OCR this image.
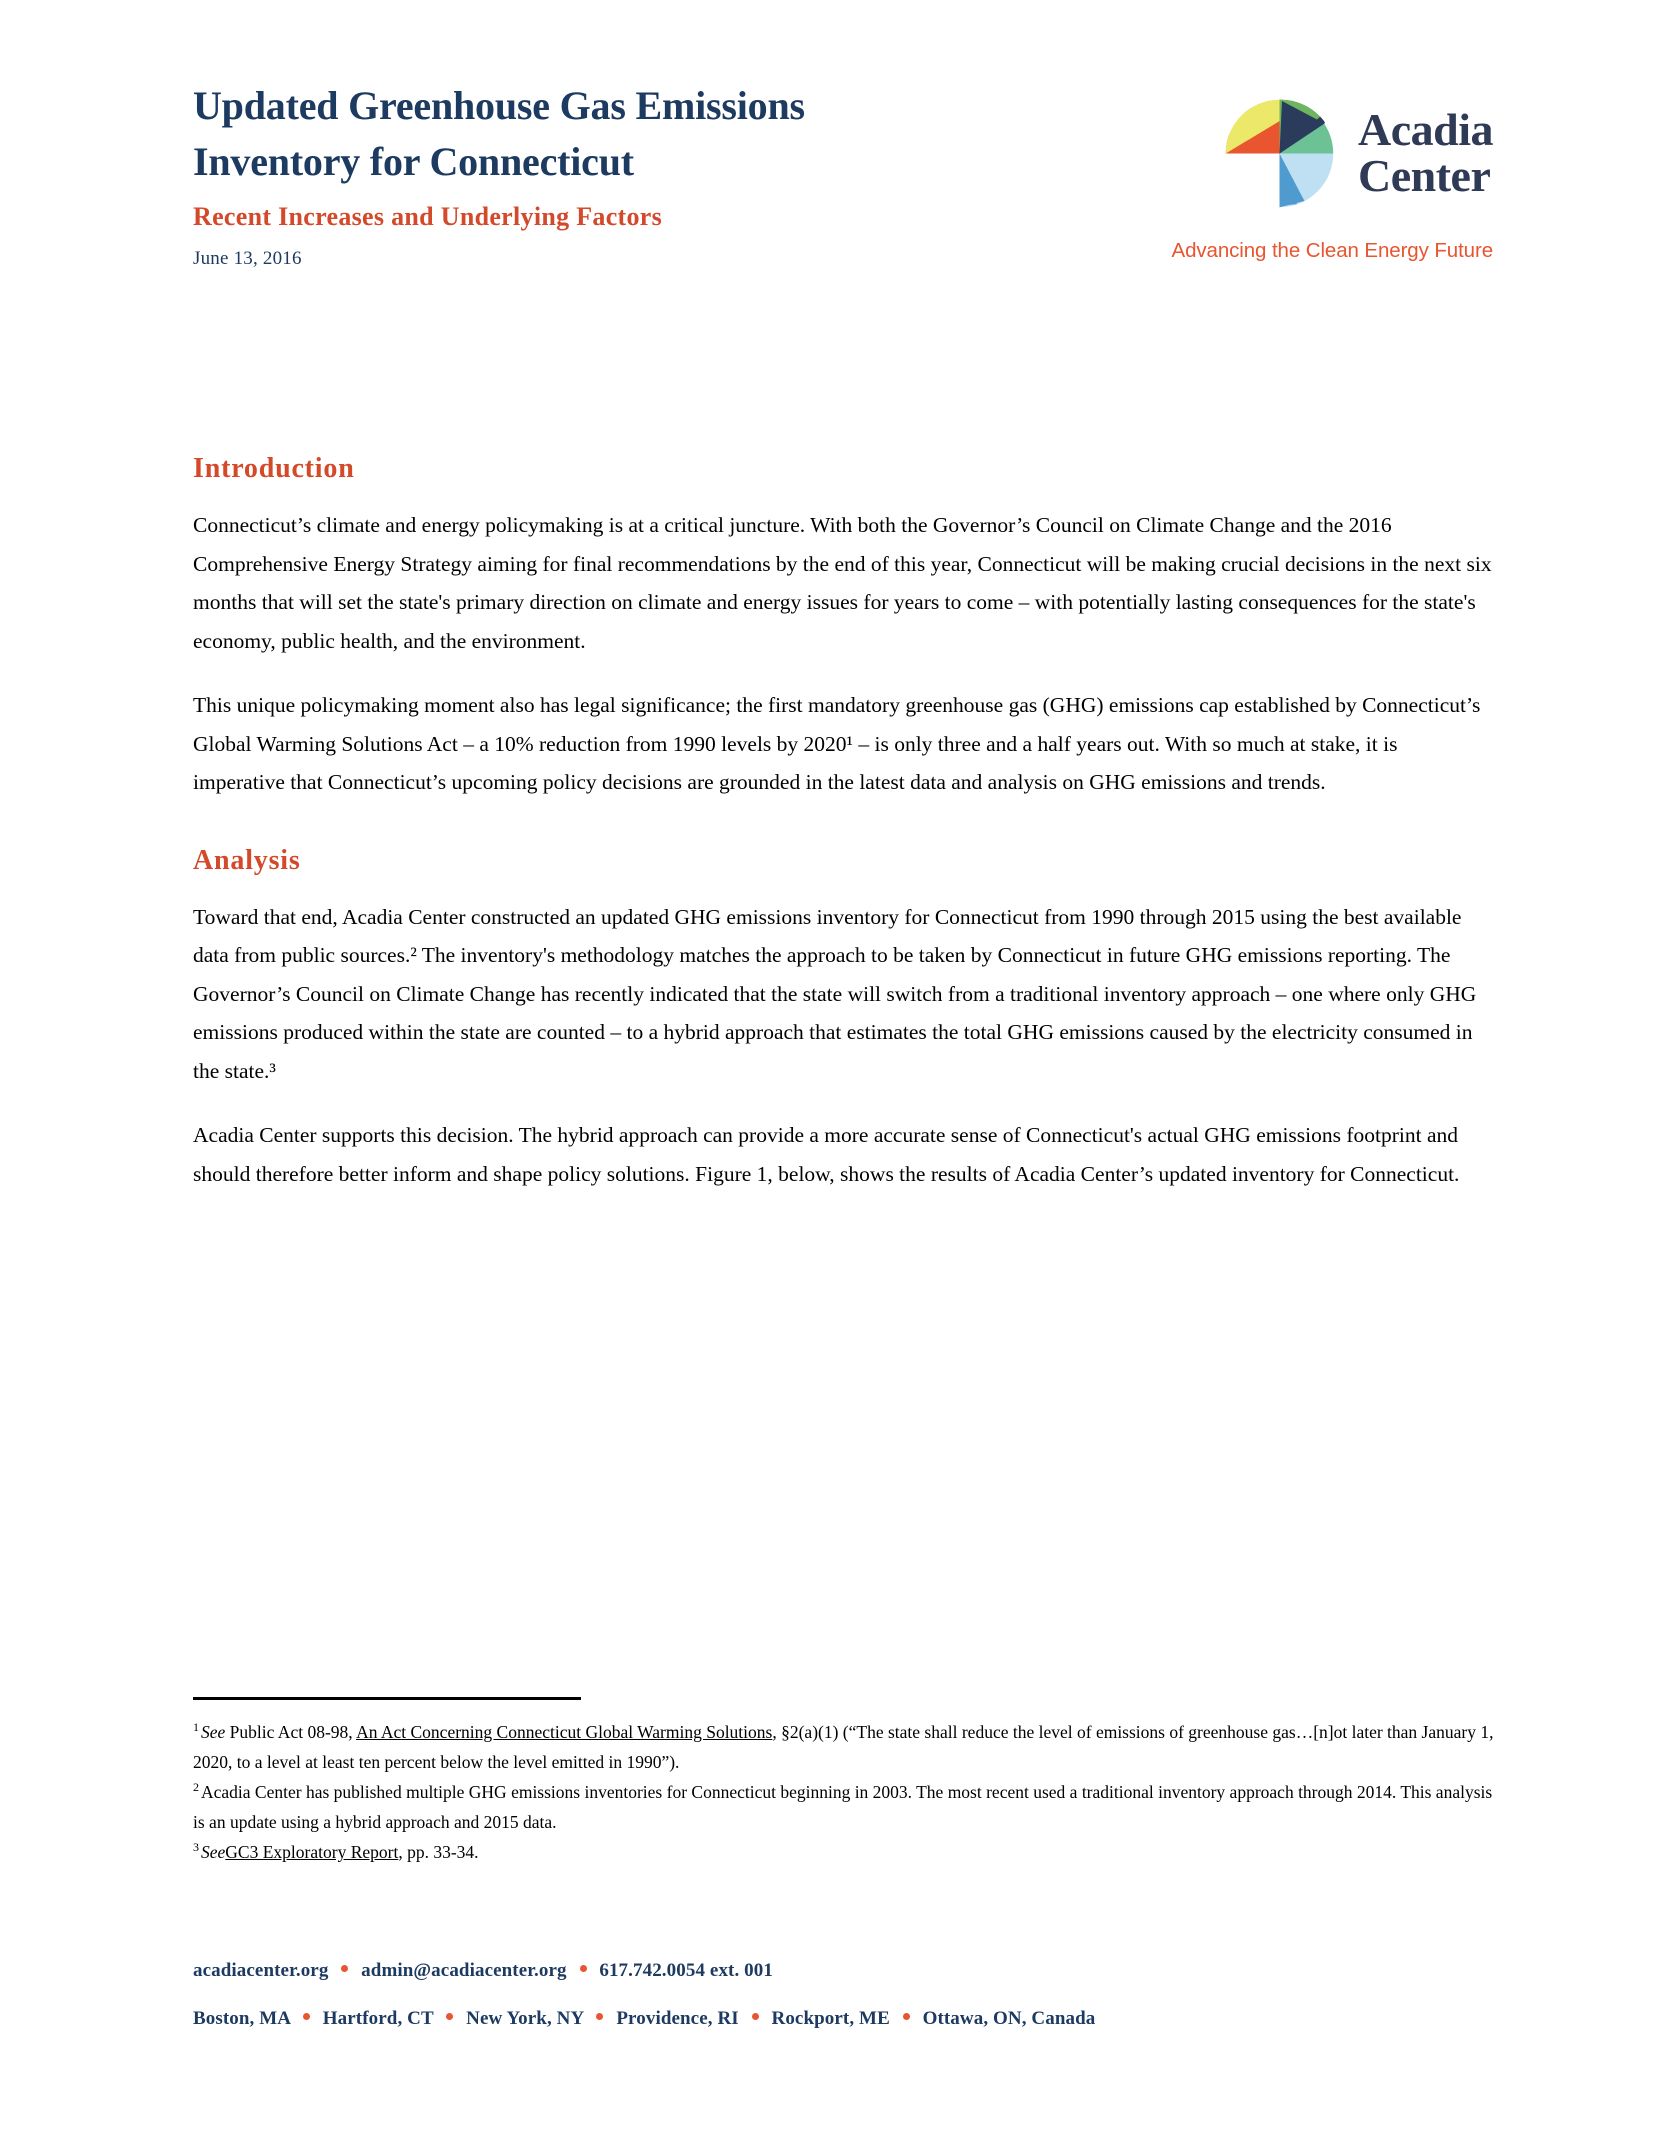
Updated Greenhouse Gas Emissions
Inventory for Connecticut
Recent Increases and Underlying Factors
June 13, 2016
Acadia
Center
Advancing the Clean Energy Future
Introduction

Connecticut’s climate and energy policymaking is at a critical juncture. With both the Governor’s Council on Climate Change and the 2016 Comprehensive Energy Strategy aiming for final recommendations by the end of this year, Connecticut will be making crucial decisions in the next six months that will set the state's primary direction on climate and energy issues for years to come – with potentially lasting consequences for the state's economy, public health, and the environment.

This unique policymaking moment also has legal significance; the first mandatory greenhouse gas (GHG) emissions cap established by Connecticut’s Global Warming Solutions Act – a 10% reduction from 1990 levels by 2020¹ – is only three and a half years out. With so much at stake, it is imperative that Connecticut’s upcoming policy decisions are grounded in the latest data and analysis on GHG emissions and trends.

Analysis

Toward that end, Acadia Center constructed an updated GHG emissions inventory for Connecticut from 1990 through 2015 using the best available data from public sources.² The inventory's methodology matches the approach to be taken by Connecticut in future GHG emissions reporting. The Governor’s Council on Climate Change has recently indicated that the state will switch from a traditional inventory approach – one where only GHG emissions produced within the state are counted – to a hybrid approach that estimates the total GHG emissions caused by the electricity consumed in the state.³

Acadia Center supports this decision. The hybrid approach can provide a more accurate sense of Connecticut's actual GHG emissions footprint and should therefore better inform and shape policy solutions. Figure 1, below, shows the results of Acadia Center’s updated inventory for Connecticut.

$^1$ See Public Act 08-98, An Act Concerning Connecticut Global Warming Solutions, §2(a)(1) (“The state shall reduce the level of emissions of greenhouse gas…[n]ot later than January 1, 2020, to a level at least ten percent below the level emitted in 1990”).

$^2$ Acadia Center has published multiple GHG emissions inventories for Connecticut beginning in 2003. The most recent used a traditional inventory approach through 2014. This analysis is an update using a hybrid approach and 2015 data.

$^3$ SeeGC3 Exploratory Report, pp. 33-34.

acadiacenter.org admin@acadiacenter.org 617.742.0054 ext. 001
Boston, MA Hartford, CT New York, NY Providence, RI Rockport, ME Ottawa, ON, Canada
